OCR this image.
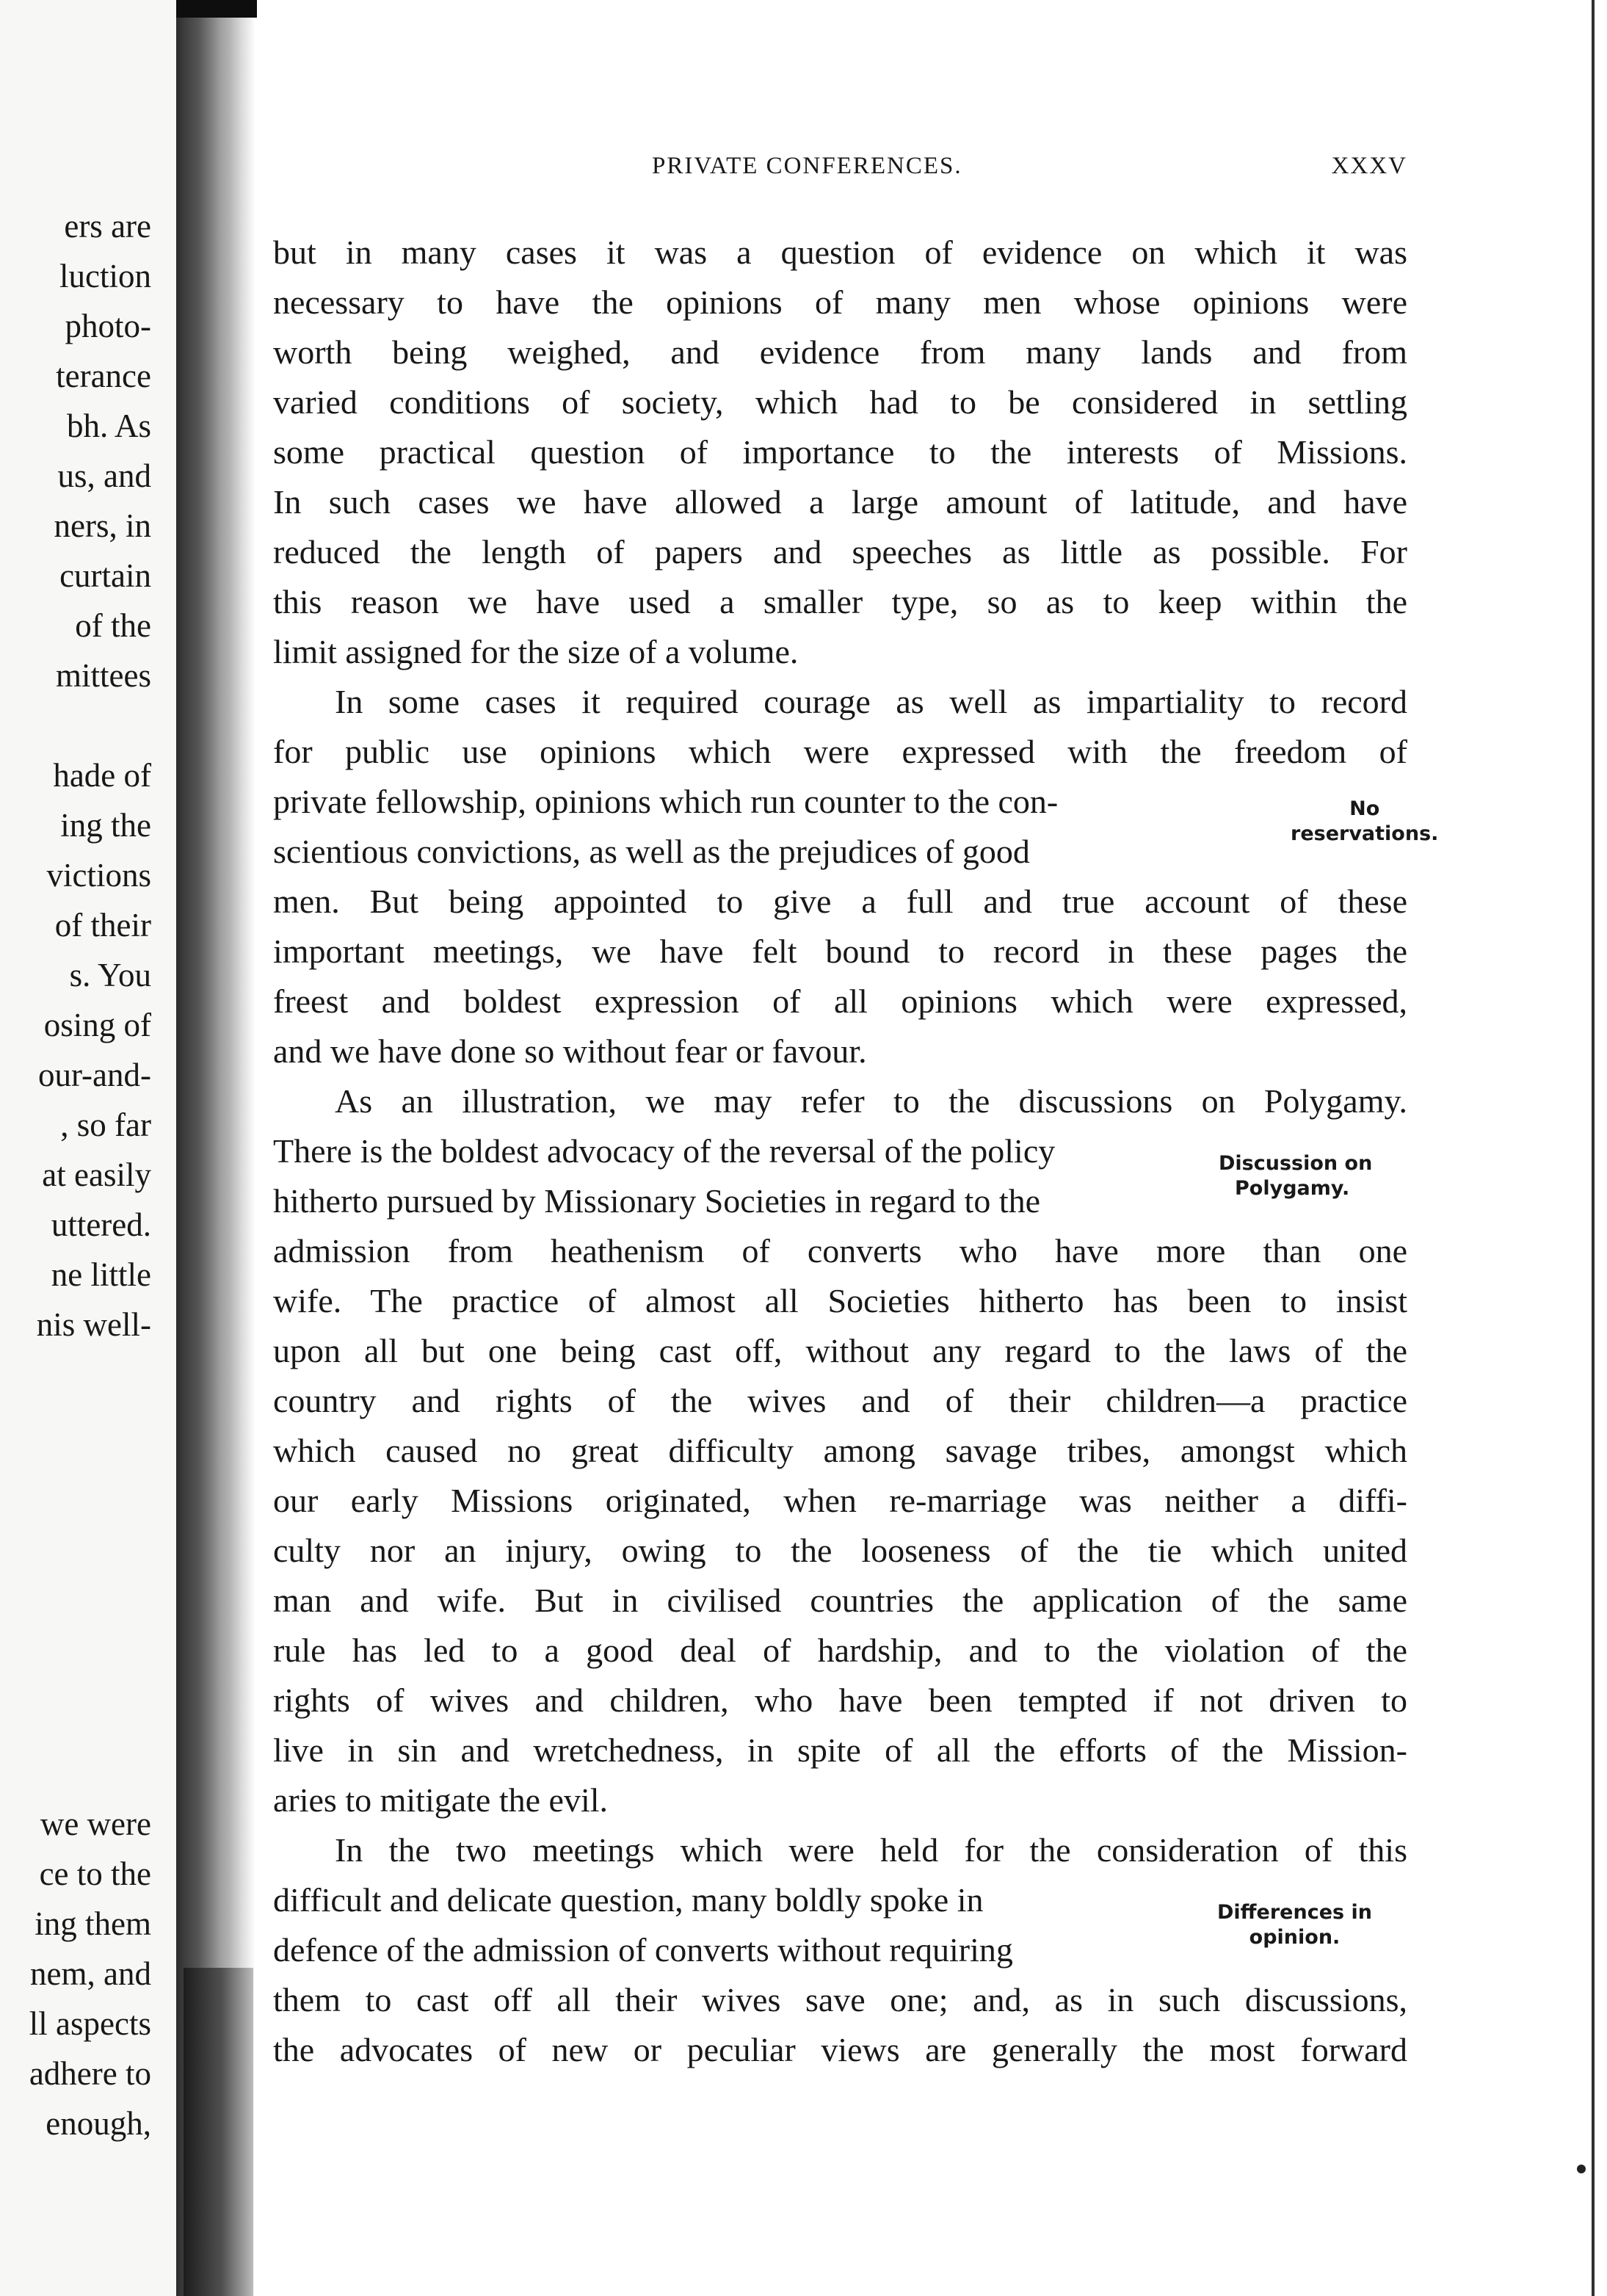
ers are
luction
photo-
terance
bh. As
us, and
ners, in
curtain
of the
mittees
hade of
ing the
victions
of their
s. You
osing of
our-and-
, so far
at easily
uttered.
ne little
nis well-
we were
ce to the
ing them
nem, and
ll aspects
adhere to
enough,
PRIVATE CONFERENCES.	XXXV
but in many cases it was a question of evidence on which it was
necessary to have the opinions of many men whose opinions were
worth being weighed, and evidence from many lands and from
varied conditions of society, which had to be considered in settling
some practical question of importance to the interests of Missions.
In such cases we have allowed a large amount of latitude, and have
reduced the length of papers and speeches as little as possible. For
this reason we have used a smaller type, so as to keep within the
limit assigned for the size of a volume.
In some cases it required courage as well as impartiality to record
for public use opinions which were expressed with the freedom of
private fellowship, opinions which run counter to the con-
scientious convictions, as well as the prejudices of good
men. But being appointed to give a full and true account of these
important meetings, we have felt bound to record in these pages the
freest and boldest expression of all opinions which were expressed,
and we have done so without fear or favour.
As an illustration, we may refer to the discussions on Polygamy.
There is the boldest advocacy of the reversal of the policy
hitherto pursued by Missionary Societies in regard to the
admission from heathenism of converts who have more than one
wife. The practice of almost all Societies hitherto has been to insist
upon all but one being cast off, without any regard to the laws of the
country and rights of the wives and of their children—a practice
which caused no great difficulty among savage tribes, amongst which
our early Missions originated, when re-marriage was neither a diffi-
culty nor an injury, owing to the looseness of the tie which united
man and wife. But in civilised countries the application of the same
rule has led to a good deal of hardship, and to the violation of the
rights of wives and children, who have been tempted if not driven to
live in sin and wretchedness, in spite of all the efforts of the Mission-
aries to mitigate the evil.
In the two meetings which were held for the consideration of this
difficult and delicate question, many boldly spoke in
defence of the admission of converts without requiring
them to cast off all their wives save one; and, as in such discussions,
the advocates of new or peculiar views are generally the most forward
No
reservations.
Discussion on
Polygamy.
Differences in
opinion.
